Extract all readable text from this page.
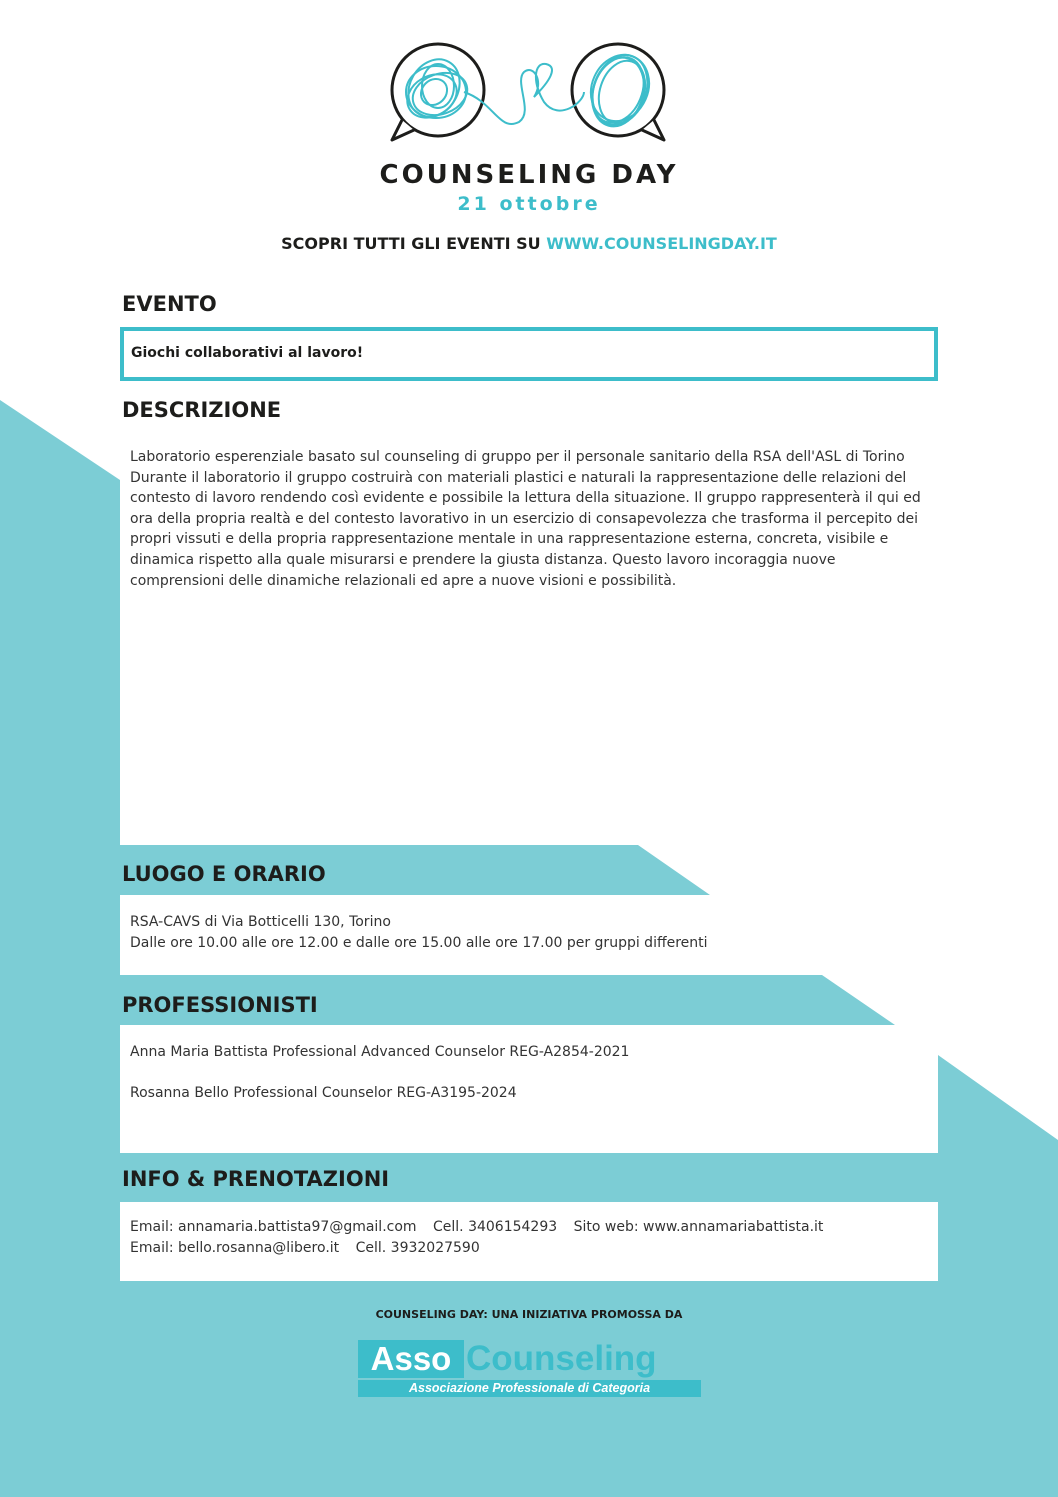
COUNSELING DAY
21 ottobre
SCOPRI TUTTI GLI EVENTI SU WWW.COUNSELINGDAY.IT
EVENTO
Giochi collaborativi al lavoro!
DESCRIZIONE
Laboratorio esperenziale basato sul counseling di gruppo per il personale sanitario della RSA dell'ASL di Torino
Durante il laboratorio il gruppo costruirà con materiali plastici e naturali la rappresentazione delle relazioni del
contesto di lavoro rendendo così evidente e possibile la lettura della situazione. Il gruppo rappresenterà il qui ed
ora della propria realtà e del contesto lavorativo in un esercizio di consapevolezza che trasforma il percepito dei
propri vissuti e della propria rappresentazione mentale in una rappresentazione esterna, concreta, visibile e
dinamica rispetto alla quale misurarsi e prendere la giusta distanza. Questo lavoro incoraggia nuove
comprensioni delle dinamiche relazionali ed apre a nuove visioni e possibilità.
LUOGO E ORARIO
RSA-CAVS di Via Botticelli 130, Torino
Dalle ore 10.00 alle ore 12.00 e dalle ore 15.00 alle ore 17.00 per gruppi differenti
PROFESSIONISTI
Anna Maria Battista Professional Advanced Counselor REG-A2854-2021
Rosanna Bello Professional Counselor REG-A3195-2024
INFO & PRENOTAZIONI
Email: annamaria.battista97@gmail.com Cell. 3406154293 Sito web: www.annamariabattista.it
Email: bello.rosanna@libero.it Cell. 3932027590
COUNSELING DAY: UNA INIZIATIVA PROMOSSA DA
Asso Counseling
Associazione Professionale di Categoria
